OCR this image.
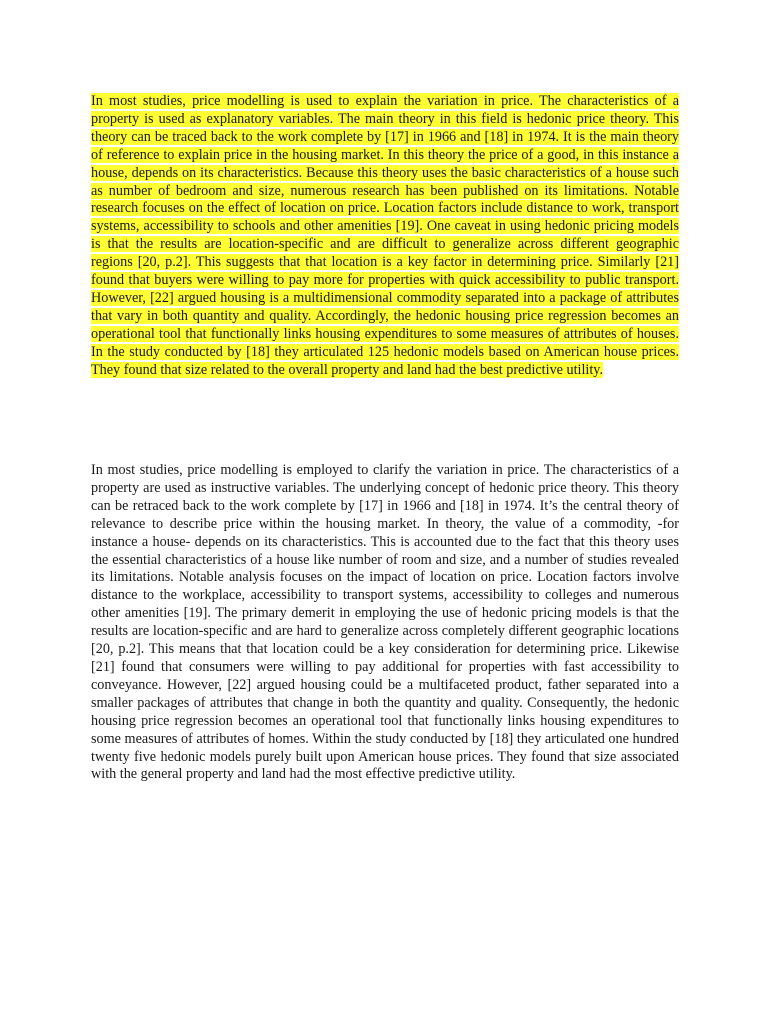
In most studies, price modelling is used to explain the variation in price. The characteristics of a property is used as explanatory variables. The main theory in this field is hedonic price theory. This theory can be traced back to the work complete by [17] in 1966 and [18] in 1974. It is the main theory of reference to explain price in the housing market. In this theory the price of a good, in this instance a house, depends on its characteristics. Because this theory uses the basic characteristics of a house such as number of bedroom and size, numerous research has been published on its limitations. Notable research focuses on the effect of location on price. Location factors include distance to work, transport systems, accessibility to schools and other amenities [19]. One caveat in using hedonic pricing models is that the results are location-specific and are difficult to generalize across different geographic regions [20, p.2]. This suggests that that location is a key factor in determining price. Similarly [21] found that buyers were willing to pay more for properties with quick accessibility to public transport. However, [22] argued housing is a multidimensional commodity separated into a package of attributes that vary in both quantity and quality. Accordingly, the hedonic housing price regression becomes an operational tool that functionally links housing expenditures to some measures of attributes of houses. In the study conducted by [18] they articulated 125 hedonic models based on American house prices. They found that size related to the overall property and land had the best predictive utility.

In most studies, price modelling is employed to clarify the variation in price. The characteristics of a property are used as instructive variables. The underlying concept of hedonic price theory. This theory can be retraced back to the work complete by [17] in 1966 and [18] in 1974. It’s the central theory of relevance to describe price within the housing market. In theory, the value of a commodity, -for instance a house- depends on its characteristics. This is accounted due to the fact that this theory uses the essential characteristics of a house like number of room and size, and a number of studies revealed its limitations. Notable analysis focuses on the impact of location on price. Location factors involve distance to the workplace, accessibility to transport systems, accessibility to colleges and numerous other amenities [19]. The primary demerit in employing the use of hedonic pricing models is that the results are location-specific and are hard to generalize across completely different geographic locations [20, p.2]. This means that that location could be a key consideration for determining price. Likewise [21] found that consumers were willing to pay additional for properties with fast accessibility to conveyance. However, [22] argued housing could be a multifaceted product, father separated into a smaller packages of attributes that change in both the quantity and quality. Consequently, the hedonic housing price regression becomes an operational tool that functionally links housing expenditures to some measures of attributes of homes. Within the study conducted by [18] they articulated one hundred twenty five hedonic models purely built upon American house prices. They found that size associated with the general property and land had the most effective predictive utility.
